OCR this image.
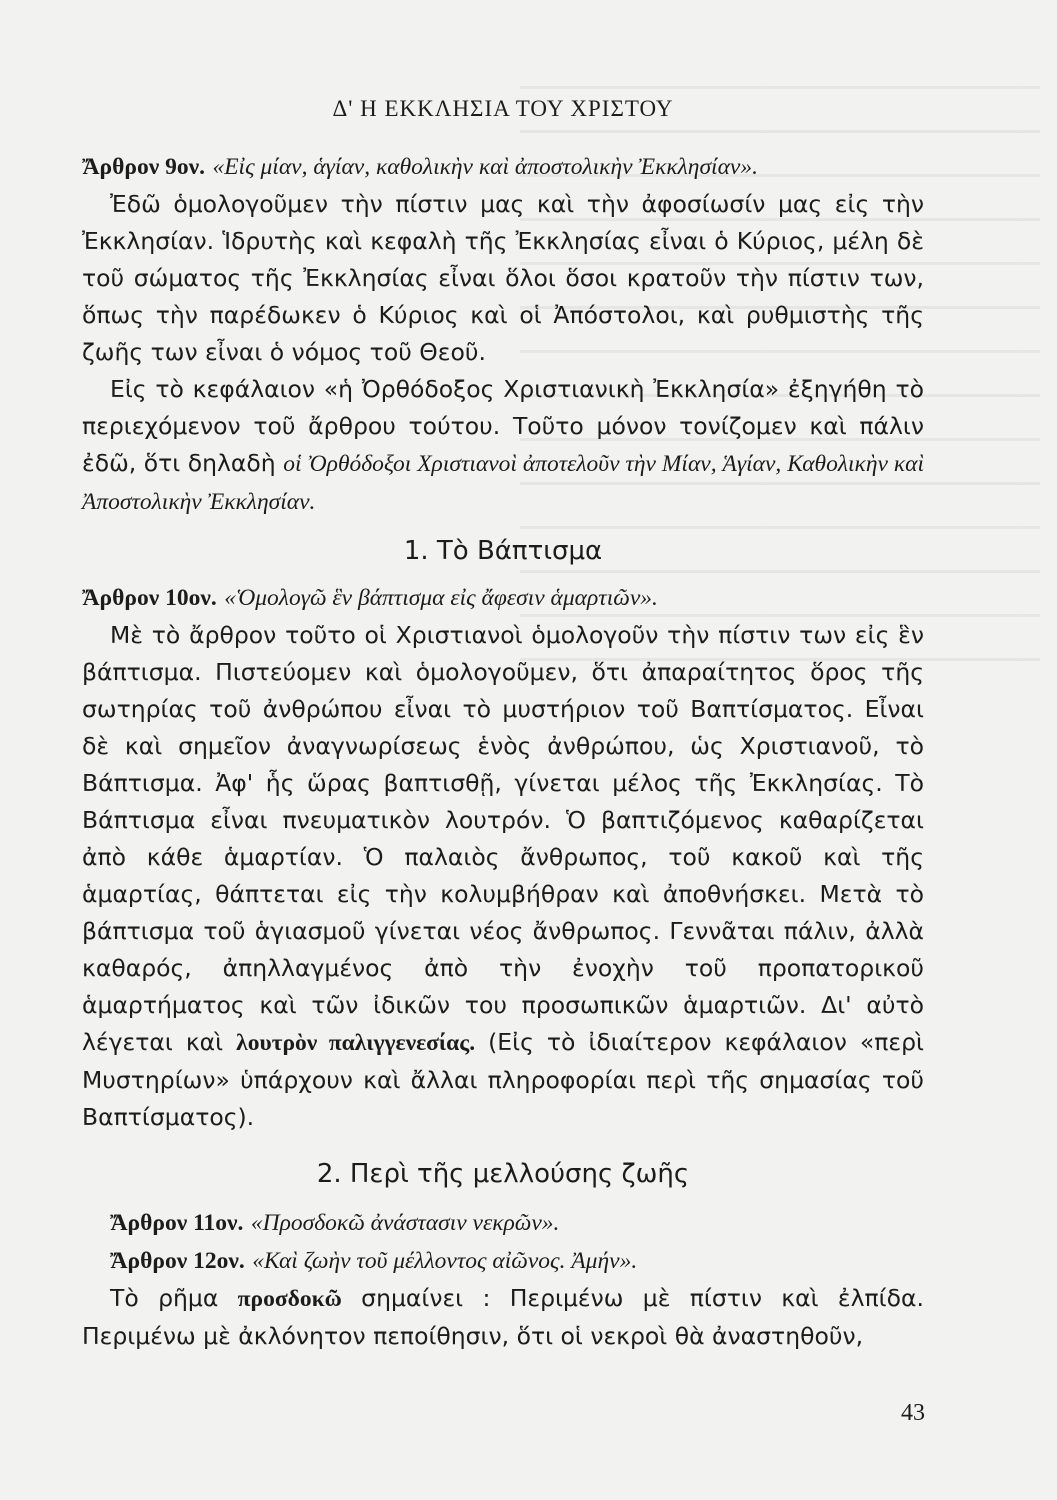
Δ' Η ΕΚΚΛΗΣΙΑ ΤΟΥ ΧΡΙΣΤΟΥ

Ἄρθρον 9ον. «Εἰς μίαν, ἁγίαν, καθολικὴν καὶ ἀποστολικὴν Ἐκκλησίαν».

Ἐδῶ ὁμολογοῦμεν τὴν πίστιν μας καὶ τὴν ἀφοσίωσίν μας εἰς τὴν Ἐκκλησίαν. Ἱδρυτὴς καὶ κεφαλὴ τῆς Ἐκκλησίας εἶναι ὁ Κύριος, μέλη δὲ τοῦ σώματος τῆς Ἐκκλησίας εἶναι ὅλοι ὅσοι κρατοῦν τὴν πίστιν των, ὅπως τὴν παρέδωκεν ὁ Κύριος καὶ οἱ Ἀπόστολοι, καὶ ρυθμιστὴς τῆς ζωῆς των εἶναι ὁ νόμος τοῦ Θεοῦ.

Εἰς τὸ κεφάλαιον «ἡ Ὀρθόδοξος Χριστιανικὴ Ἐκκλησία» ἐξηγήθη τὸ περιεχόμενον τοῦ ἄρθρου τούτου. Τοῦτο μόνον τονίζομεν καὶ πάλιν ἐδῶ, ὅτι δηλαδὴ οἱ Ὀρθόδοξοι Χριστιανοὶ ἀποτελοῦν τὴν Μίαν, Ἁγίαν, Καθολικὴν καὶ Ἀποστολικὴν Ἐκκλησίαν.

1. Τὸ Βάπτισμα

Ἄρθρον 10ον. «Ὁμολογῶ ἓν βάπτισμα εἰς ἄφεσιν ἁμαρτιῶν».

Μὲ τὸ ἄρθρον τοῦτο οἱ Χριστιανοὶ ὁμολογοῦν τὴν πίστιν των εἰς ἓν βάπτισμα. Πιστεύομεν καὶ ὁμολογοῦμεν, ὅτι ἀπαραίτητος ὅρος τῆς σωτηρίας τοῦ ἀνθρώπου εἶναι τὸ μυστήριον τοῦ Βαπτίσματος. Εἶναι δὲ καὶ σημεῖον ἀναγνωρίσεως ἑνὸς ἀνθρώπου, ὡς Χριστιανοῦ, τὸ Βάπτισμα. Ἀφ' ἧς ὥρας βαπτισθῇ, γίνεται μέλος τῆς Ἐκκλησίας. Τὸ Βάπτισμα εἶναι πνευματικὸν λουτρόν. Ὁ βαπτιζόμενος καθαρίζεται ἀπὸ κάθε ἁμαρτίαν. Ὁ παλαιὸς ἄνθρωπος, τοῦ κακοῦ καὶ τῆς ἁμαρτίας, θάπτεται εἰς τὴν κολυμβήθραν καὶ ἀποθνήσκει. Μετὰ τὸ βάπτισμα τοῦ ἁγιασμοῦ γίνεται νέος ἄνθρωπος. Γεννᾶται πάλιν, ἀλλὰ καθαρός, ἀπηλλαγμένος ἀπὸ τὴν ἐνοχὴν τοῦ προπατορικοῦ ἁμαρτήματος καὶ τῶν ἰδικῶν του προσωπικῶν ἁμαρτιῶν. Δι' αὐτὸ λέγεται καὶ λουτρὸν παλιγγενεσίας. (Εἰς τὸ ἰδιαίτερον κεφάλαιον «περὶ Μυστηρίων» ὑπάρχουν καὶ ἄλλαι πληροφορίαι περὶ τῆς σημασίας τοῦ Βαπτίσματος).

2. Περὶ τῆς μελλούσης ζωῆς

Ἄρθρον 11ον. «Προσδοκῶ ἀνάστασιν νεκρῶν».

Ἄρθρον 12ον. «Καὶ ζωὴν τοῦ μέλλοντος αἰῶνος. Ἀμήν».

Τὸ ρῆμα προσδοκῶ σημαίνει : Περιμένω μὲ πίστιν καὶ ἐλπίδα. Περιμένω μὲ ἀκλόνητον πεποίθησιν, ὅτι οἱ νεκροὶ θὰ ἀναστηθοῦν,

43
